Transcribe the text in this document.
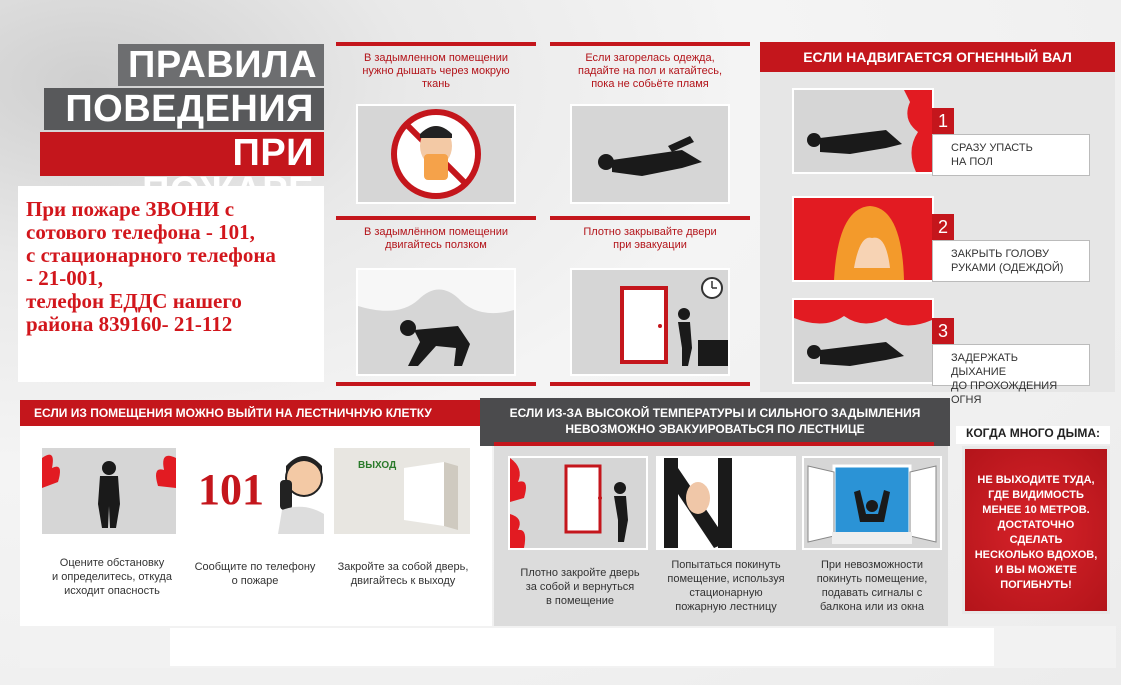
ПРАВИЛА
ПОВЕДЕНИЯ
ПРИ

При пожаре ЗВОНИ с

сотового телефона - 101,

с стационарного телефона

- 21-001,

телефон ЕДДС нашего

района 839160- 21-112

В задымленном помещении
нужно дышать через мокрую
ткань
Если загорелась одежда,
падайте на пол и катайтесь,
пока не собьёте пламя
В задымлённом помещении
двигайтесь ползком
Плотно закрывайте двери
при эвакуации
ЕСЛИ НАДВИГАЕТСЯ ОГНЕННЫЙ ВАЛ
1
СРАЗУ УПАСТЬ
НА ПОЛ
2
ЗАКРЫТЬ ГОЛОВУ
РУКАМИ (ОДЕЖДОЙ)
3
ЗАДЕРЖАТЬ ДЫХАНИЕ
ДО ПРОХОЖДЕНИЯ ОГНЯ
ЕСЛИ ИЗ ПОМЕЩЕНИЯ МОЖНО ВЫЙТИ НА ЛЕСТНИЧНУЮ КЛЕТКУ
101	ВЫХОД
Оцените обстановку
и определитесь, откуда
исходит опасность
Сообщите по телефону
о пожаре
Закройте за собой дверь,
двигайтесь к выходу
ЕСЛИ ИЗ-ЗА ВЫСОКОЙ ТЕМПЕРАТУРЫ И СИЛЬНОГО ЗАДЫМЛЕНИЯ
НЕВОЗМОЖНО ЭВАКУИРОВАТЬСЯ ПО ЛЕСТНИЦЕ
Плотно закройте дверь
за собой и вернуться
в помещение
Попытаться покинуть
помещение, используя
стационарную
пожарную лестницу
При невозможности
покинуть помещение,
подавать сигналы с
балкона или из окна
КОГДА МНОГО ДЫМА:
НЕ ВЫХОДИТЕ ТУДА,
ГДЕ ВИДИМОСТЬ
МЕНЕЕ 10 МЕТРОВ.
ДОСТАТОЧНО СДЕЛАТЬ
НЕСКОЛЬКО ВДОХОВ,
И ВЫ МОЖЕТЕ
ПОГИБНУТЬ!
